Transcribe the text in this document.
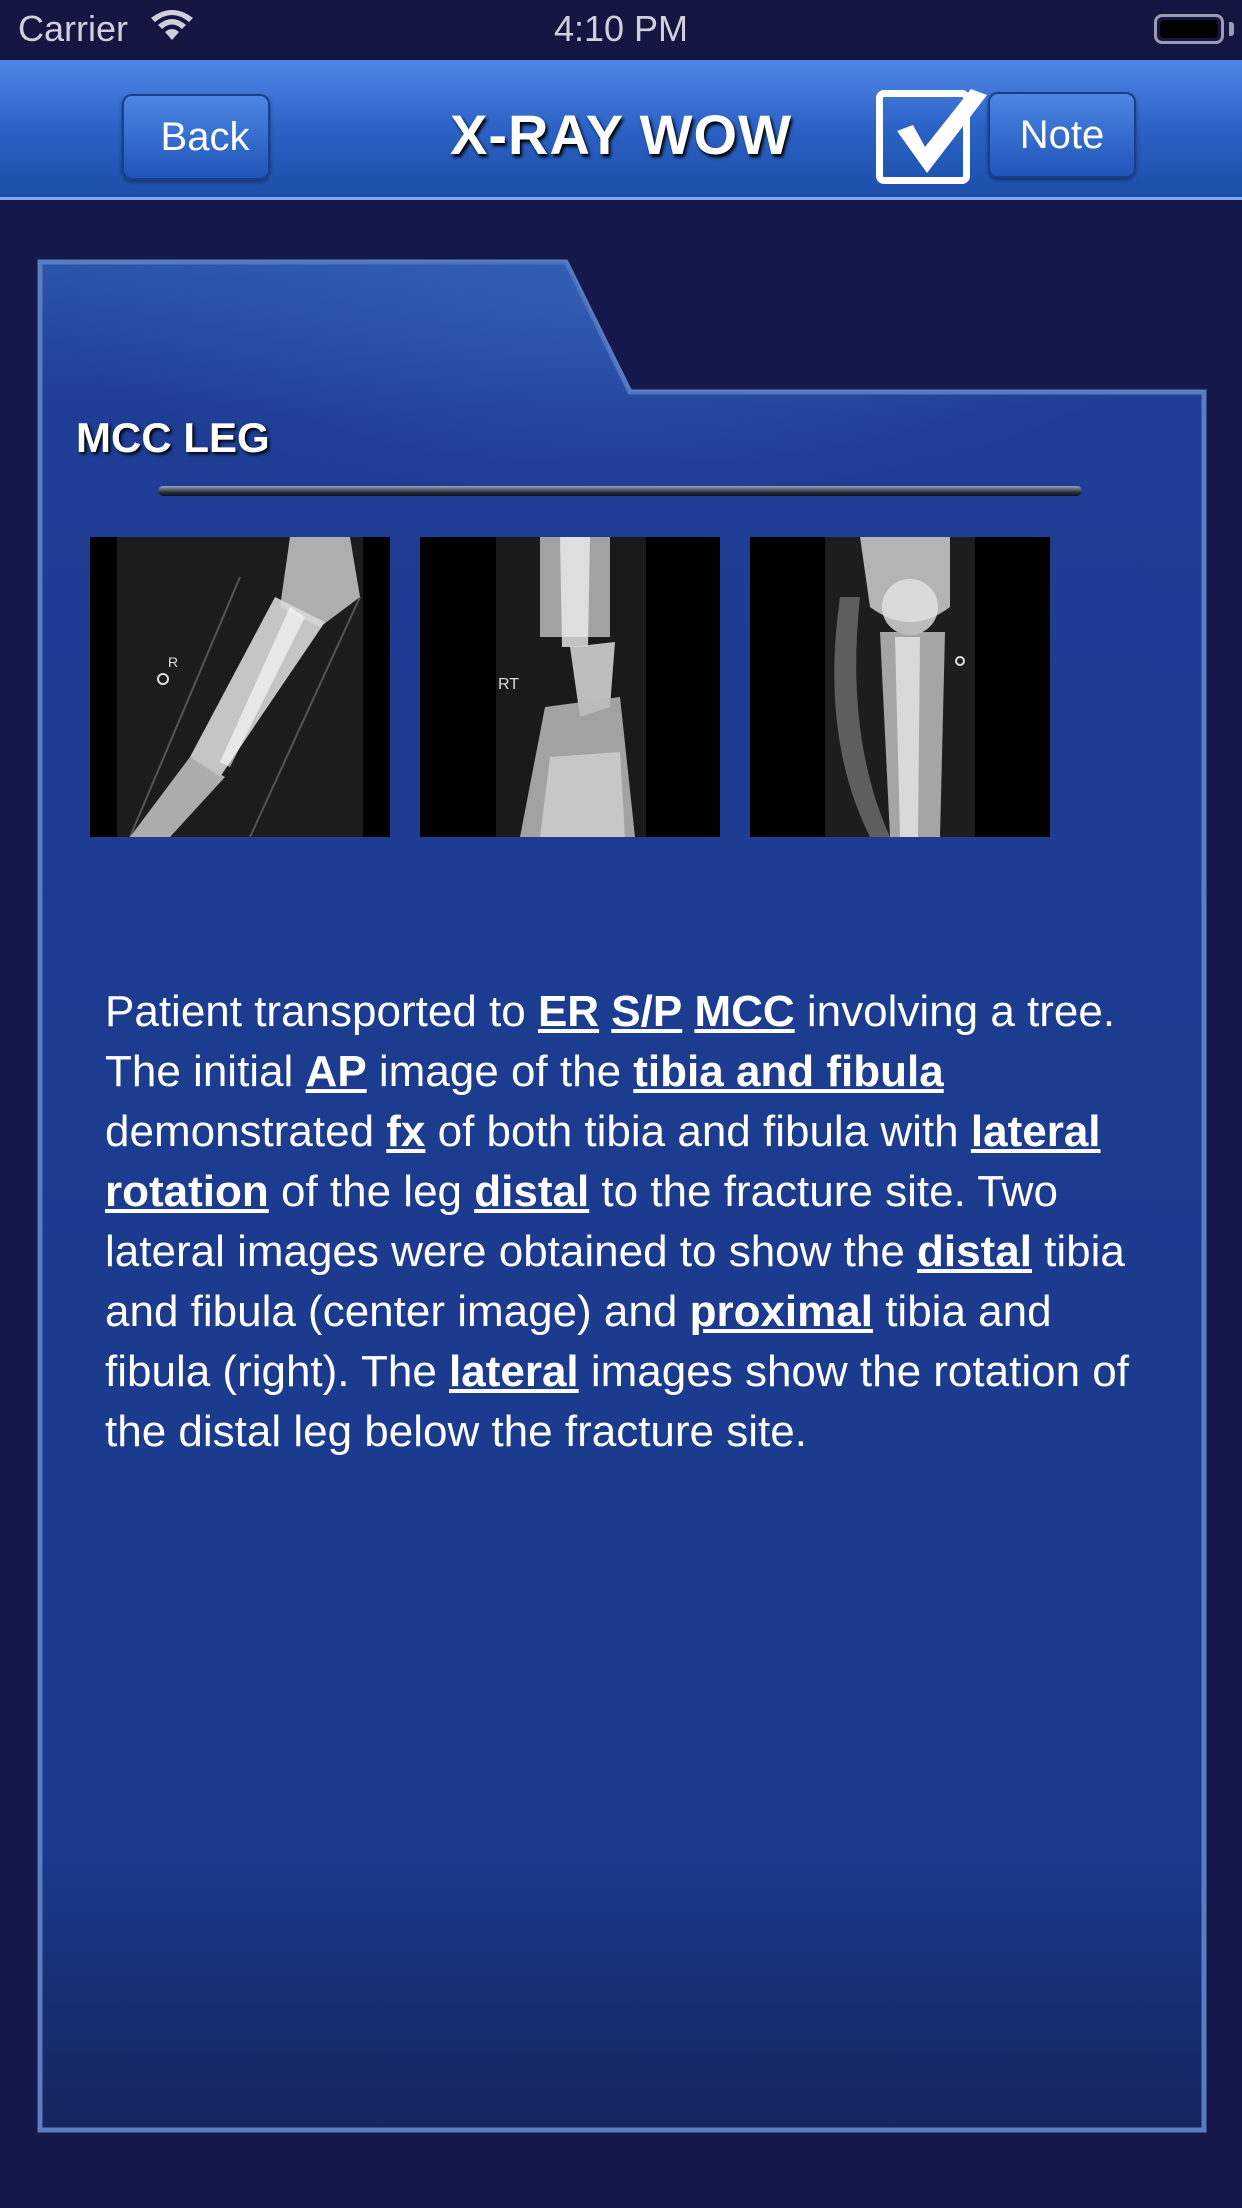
Carrier	4:10 PM
Back	X-RAY WOW	Note
MCC LEG
R
RT
Patient transported to ER S/P MCC involving a tree. The initial AP image of the tibia and fibula demonstrated fx of both tibia and fibula with lateral rotation of the leg distal to the fracture site. Two lateral images were obtained to show the distal tibia and fibula (center image) and proximal tibia and fibula (right). The lateral images show the rotation of the distal leg below the fracture site.
